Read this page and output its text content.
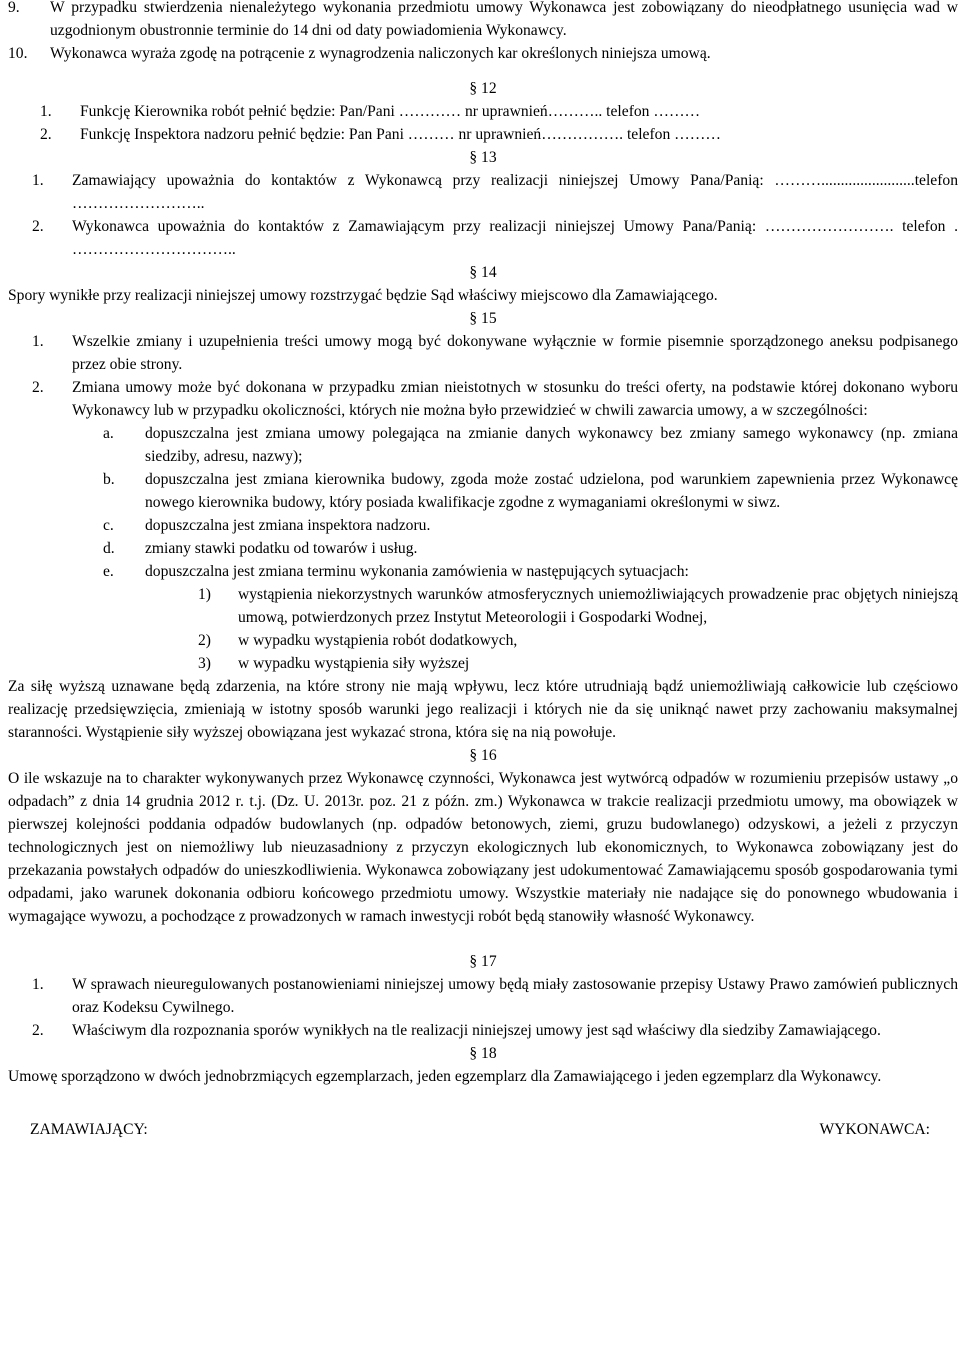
9.	W przypadku stwierdzenia nienależytego wykonania przedmiotu umowy Wykonawca jest zobowiązany do nieodpłatnego usunięcia wad w uzgodnionym obustronnie terminie do 14 dni od daty powiadomienia Wykonawcy.
10.	Wykonawca wyraża zgodę na potrącenie z wynagrodzenia naliczonych kar określonych niniejsza umową.

§ 12

1.	Funkcję Kierownika robót pełnić będzie: Pan/Pani ………… nr uprawnień……….. telefon ………
2.	Funkcję Inspektora nadzoru pełnić będzie: Pan Pani ……… nr uprawnień……………. telefon ………

§ 13

1.	Zamawiający upoważnia do kontaktów z Wykonawcą przy realizacji niniejszej Umowy Pana/Panią: ………........................telefon ……………………..
2.	Wykonawca upoważnia do kontaktów z Zamawiającym przy realizacji niniejszej Umowy Pana/Panią: ……………………. telefon . …………………………..

§ 14

Spory wynikłe przy realizacji niniejszej umowy rozstrzygać będzie Sąd właściwy miejscowo dla Zamawiającego.

§ 15

1.	Wszelkie zmiany i uzupełnienia treści umowy mogą być dokonywane wyłącznie w formie pisemnie sporządzonego aneksu podpisanego przez obie strony.
2.	Zmiana umowy może być dokonana w przypadku zmian nieistotnych w stosunku do treści oferty, na podstawie której dokonano wyboru Wykonawcy lub w przypadku okoliczności, których nie można było przewidzieć w chwili zawarcia umowy, a w szczególności:
a.	dopuszczalna jest zmiana umowy polegająca na zmianie danych wykonawcy bez zmiany samego wykonawcy (np. zmiana siedziby, adresu, nazwy);
b.	dopuszczalna jest zmiana kierownika budowy, zgoda może zostać udzielona, pod warunkiem zapewnienia przez Wykonawcę nowego kierownika budowy, który posiada kwalifikacje zgodne z wymaganiami określonymi w siwz.
c.	dopuszczalna jest zmiana inspektora nadzoru.
d.	zmiany stawki podatku od towarów i usług.
e.	dopuszczalna jest zmiana terminu wykonania zamówienia w następujących sytuacjach:
1)	wystąpienia niekorzystnych warunków atmosferycznych uniemożliwiających prowadzenie prac objętych niniejszą umową, potwierdzonych przez Instytut Meteorologii i Gospodarki Wodnej,
2)	w wypadku wystąpienia robót dodatkowych,
3)	w wypadku wystąpienia siły wyższej

Za siłę wyższą uznawane będą zdarzenia, na które strony nie mają wpływu, lecz które utrudniają bądź uniemożliwiają całkowicie lub częściowo realizację przedsięwzięcia, zmieniają w istotny sposób warunki jego realizacji i których nie da się uniknąć nawet przy zachowaniu maksymalnej staranności. Wystąpienie siły wyższej obowiązana jest wykazać strona, która się na nią powołuje.

§ 16

O ile wskazuje na to charakter wykonywanych przez Wykonawcę czynności, Wykonawca jest wytwórcą odpadów w rozumieniu przepisów ustawy „o odpadach” z dnia 14 grudnia 2012 r. t.j. (Dz. U. 2013r. poz. 21 z późn. zm.) Wykonawca w trakcie realizacji przedmiotu umowy, ma obowiązek w pierwszej kolejności poddania odpadów budowlanych (np. odpadów betonowych, ziemi, gruzu budowlanego) odzyskowi, a jeżeli z przyczyn technologicznych jest on niemożliwy lub nieuzasadniony z przyczyn ekologicznych lub ekonomicznych, to Wykonawca zobowiązany jest do przekazania powstałych odpadów do unieszkodliwienia. Wykonawca zobowiązany jest udokumentować Zamawiającemu sposób gospodarowania tymi odpadami, jako warunek dokonania odbioru końcowego przedmiotu umowy. Wszystkie materiały nie nadające się do ponownego wbudowania i wymagające wywozu, a pochodzące z prowadzonych w ramach inwestycji robót będą stanowiły własność Wykonawcy.

§ 17

1.	W sprawach nieuregulowanych postanowieniami niniejszej umowy będą miały zastosowanie przepisy Ustawy Prawo zamówień publicznych oraz Kodeksu Cywilnego.
2.	Właściwym dla rozpoznania sporów wynikłych na tle realizacji niniejszej umowy jest sąd właściwy dla siedziby Zamawiającego.

§ 18

Umowę sporządzono w dwóch jednobrzmiących egzemplarzach, jeden egzemplarz dla Zamawiającego i jeden egzemplarz dla Wykonawcy.

ZAMAWIAJĄCY:	WYKONAWCA:
